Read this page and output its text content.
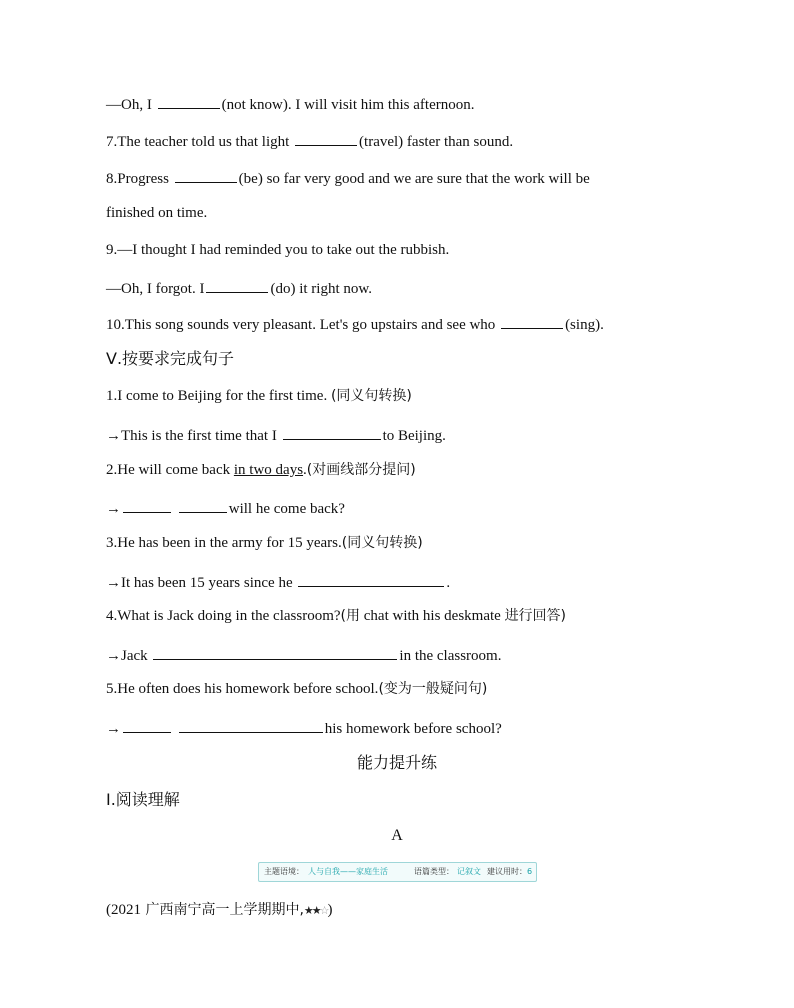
—Oh, I	(not know). I will visit him this afternoon.
7.The teacher told us that light	(travel) faster than sound.
8.Progress	(be) so far very good and we are sure that the work will be
finished on time.
9.—I thought I had reminded you to take out the rubbish.
—Oh, I forgot. I	(do) it right now.
10.This song sounds very pleasant. Let's go upstairs and see who	(sing).
Ⅴ.按要求完成句子
1.I come to Beijing for the first time. (同义句转换)
→This is the first time that I	to Beijing.
2.He will come back in two days.(对画线部分提问)
→	will he come back?
3.He has been in the army for 15 years.(同义句转换)
→It has been 15 years since he	.
4.What is Jack doing in the classroom?(用 chat with his deskmate 进行回答)
→Jack	in the classroom.
5.He often does his homework before school.(变为一般疑问句)
→	his homework before school?
能力提升练
Ⅰ.阅读理解
A
主题语境： 人与自我——家庭生活	语篇类型： 记叙文 建议用时： 6
(2021 广西南宁高一上学期期中,★★☆)
